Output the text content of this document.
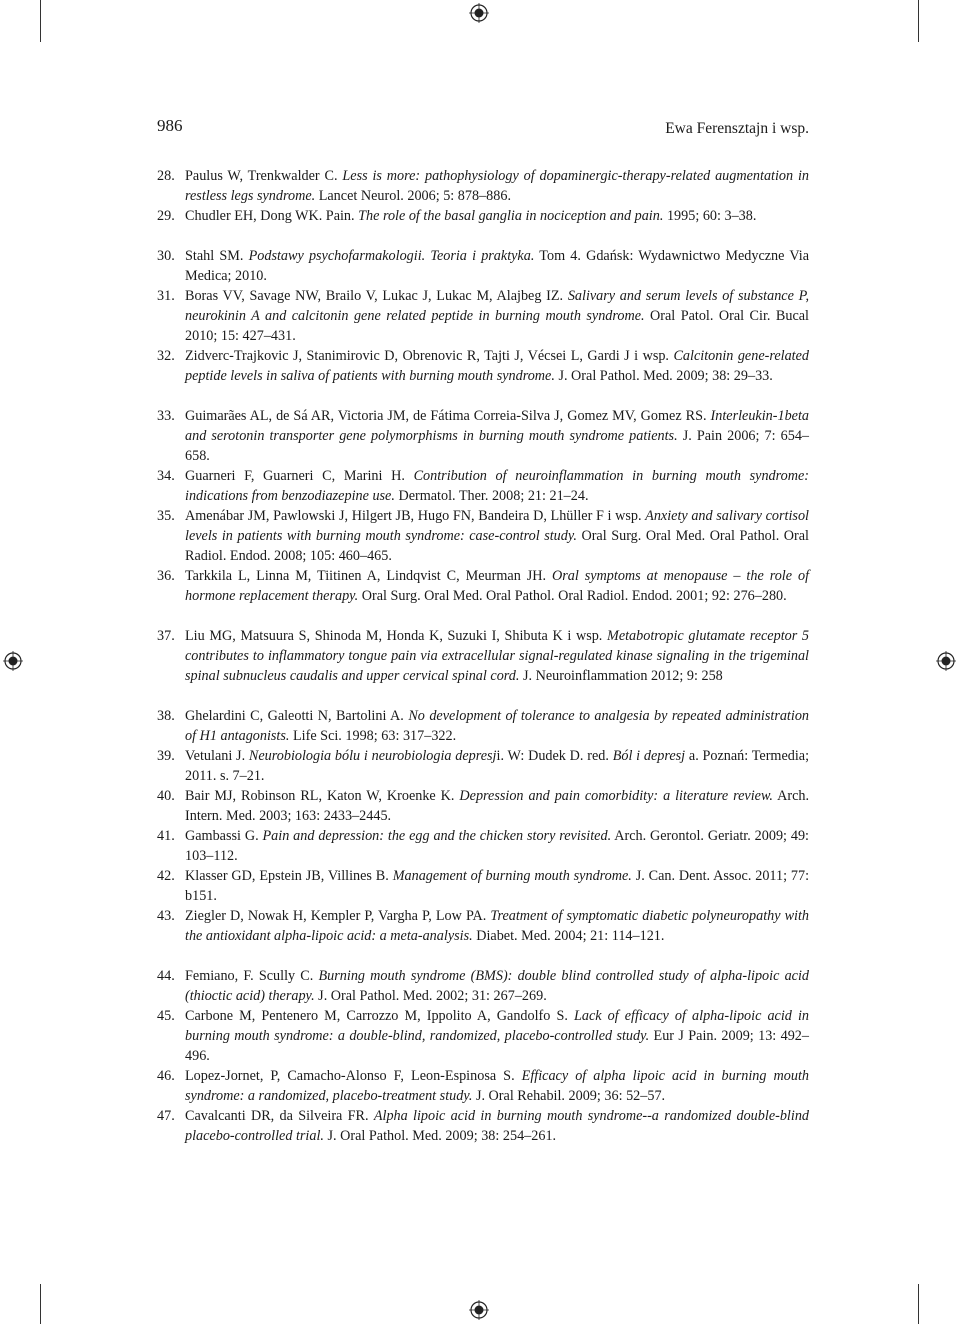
986	Ewa Ferensztajn i wsp.
28. Paulus W, Trenkwalder C. Less is more: pathophysiology of dopaminergic-therapy-related augmentation in restless legs syndrome. Lancet Neurol. 2006; 5: 878–886.
29. Chudler EH, Dong WK. Pain. The role of the basal ganglia in nociception and pain. 1995; 60: 3–38.
30. Stahl SM. Podstawy psychofarmakologii. Teoria i praktyka. Tom 4. Gdańsk: Wydawnictwo Medyczne Via Medica; 2010.
31. Boras VV, Savage NW, Brailo V, Lukac J, Lukac M, Alajbeg IZ. Salivary and serum levels of substance P, neurokinin A and calcitonin gene related peptide in burning mouth syndrome. Oral Patol. Oral Cir. Bucal 2010; 15: 427–431.
32. Zidverc-Trajkovic J, Stanimirovic D, Obrenovic R, Tajti J, Vécsei L, Gardi J i wsp. Calcitonin gene-related peptide levels in saliva of patients with burning mouth syndrome. J. Oral Pathol. Med. 2009; 38: 29–33.
33. Guimarães AL, de Sá AR, Victoria JM, de Fátima Correia-Silva J, Gomez MV, Gomez RS. Interleukin-1beta and serotonin transporter gene polymorphisms in burning mouth syndrome patients. J. Pain 2006; 7: 654–658.
34. Guarneri F, Guarneri C, Marini H. Contribution of neuroinflammation in burning mouth syndrome: indications from benzodiazepine use. Dermatol. Ther. 2008; 21: 21–24.
35. Amenábar JM, Pawlowski J, Hilgert JB, Hugo FN, Bandeira D, Lhüller F i wsp. Anxiety and salivary cortisol levels in patients with burning mouth syndrome: case-control study. Oral Surg. Oral Med. Oral Pathol. Oral Radiol. Endod. 2008; 105: 460–465.
36. Tarkkila L, Linna M, Tiitinen A, Lindqvist C, Meurman JH. Oral symptoms at menopause – the role of hormone replacement therapy. Oral Surg. Oral Med. Oral Pathol. Oral Radiol. Endod. 2001; 92: 276–280.
37. Liu MG, Matsuura S, Shinoda M, Honda K, Suzuki I, Shibuta K i wsp. Metabotropic glutamate receptor 5 contributes to inflammatory tongue pain via extracellular signal-regulated kinase signaling in the trigeminal spinal subnucleus caudalis and upper cervical spinal cord. J. Neuroinflammation 2012; 9: 258
38. Ghelardini C, Galeotti N, Bartolini A. No development of tolerance to analgesia by repeated administration of H1 antagonists. Life Sci. 1998; 63: 317–322.
39. Vetulani J. Neurobiologia bólu i neurobiologia depresji. W: Dudek D. red. Ból i depresj a. Poznań: Termedia; 2011. s. 7–21.
40. Bair MJ, Robinson RL, Katon W, Kroenke K. Depression and pain comorbidity: a literature review. Arch. Intern. Med. 2003; 163: 2433–2445.
41. Gambassi G. Pain and depression: the egg and the chicken story revisited. Arch. Gerontol. Geriatr. 2009; 49: 103–112.
42. Klasser GD, Epstein JB, Villines B. Management of burning mouth syndrome. J. Can. Dent. Assoc. 2011; 77: b151.
43. Ziegler D, Nowak H, Kempler P, Vargha P, Low PA. Treatment of symptomatic diabetic polyneuropathy with the antioxidant alpha-lipoic acid: a meta-analysis. Diabet. Med. 2004; 21: 114–121.
44. Femiano, F. Scully C. Burning mouth syndrome (BMS): double blind controlled study of alpha-lipoic acid (thioctic acid) therapy. J. Oral Pathol. Med. 2002; 31: 267–269.
45. Carbone M, Pentenero M, Carrozzo M, Ippolito A, Gandolfo S. Lack of efficacy of alpha-lipoic acid in burning mouth syndrome: a double-blind, randomized, placebo-controlled study. Eur J Pain. 2009; 13: 492–496.
46. Lopez-Jornet, P, Camacho-Alonso F, Leon-Espinosa S. Efficacy of alpha lipoic acid in burning mouth syndrome: a randomized, placebo-treatment study. J. Oral Rehabil. 2009; 36: 52–57.
47. Cavalcanti DR, da Silveira FR. Alpha lipoic acid in burning mouth syndrome--a randomized double-blind placebo-controlled trial. J. Oral Pathol. Med. 2009; 38: 254–261.
